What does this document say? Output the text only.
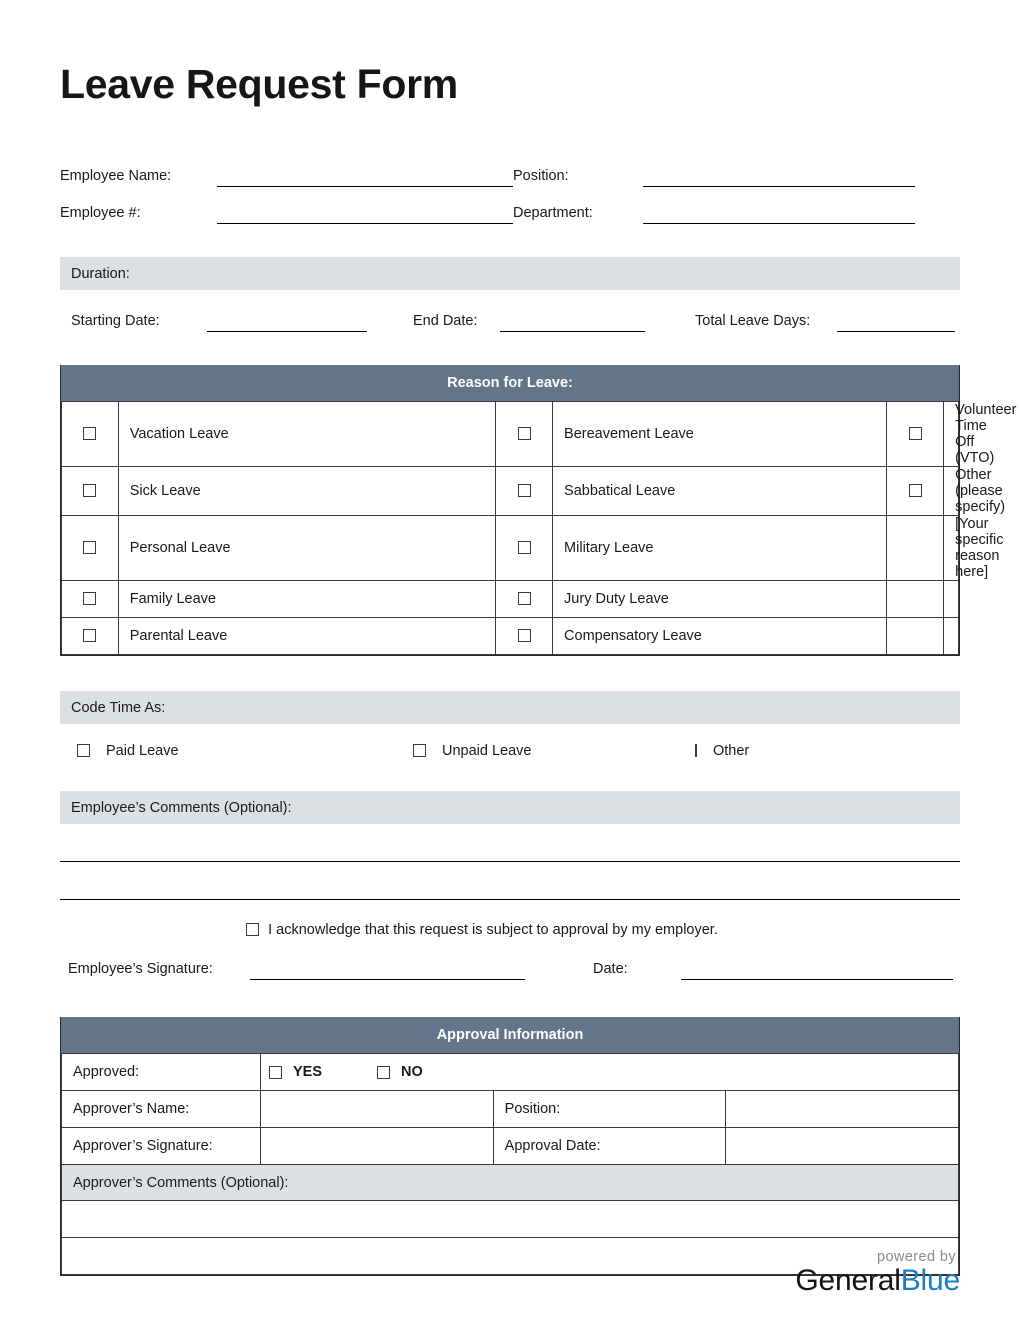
Leave Request Form
Employee Name:	Position:
Employee #:	Department:
Duration:
Starting Date:	End Date:	Total Leave Days:
Reason for Leave:
	Vacation Leave		Bereavement Leave		Volunteer Time Off (VTO)
	Sick Leave		Sabbatical Leave		Other (please specify)
	Personal Leave		Military Leave		[Your specific reason here]
	Family Leave		Jury Duty Leave		
	Parental Leave		Compensatory Leave		
Code Time As:
Paid Leave	Unpaid Leave	Other
Employee’s Comments (Optional):
I acknowledge that this request is subject to approval by my employer.
Employee’s Signature:	Date:
Approval Information
Approved:	YES NO		

Approver’s Name:		Position:	
Approver’s Signature:		Approval Date:	
Approver’s Comments (Optional):			

powered by
GeneralBlue
